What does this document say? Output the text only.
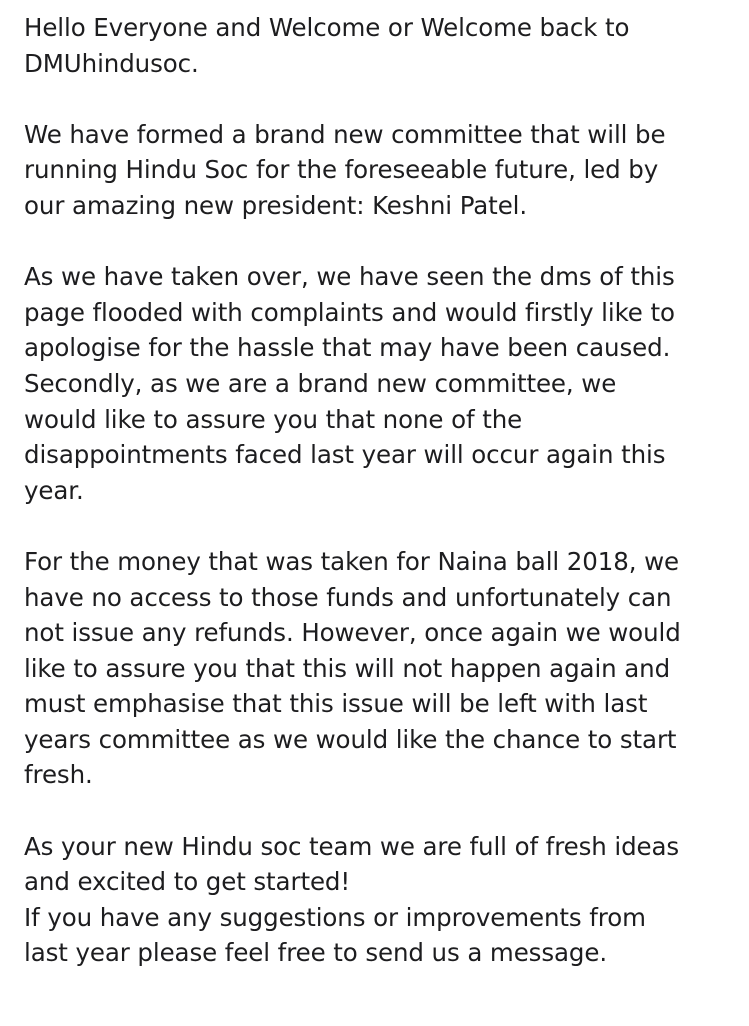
Hello Everyone and Welcome or Welcome back to
DMUhindusoc.

We have formed a brand new committee that will be
running Hindu Soc for the foreseeable future, led by
our amazing new president: Keshni Patel.

As we have taken over, we have seen the dms of this
page flooded with complaints and would firstly like to
apologise for the hassle that may have been caused.
Secondly, as we are a brand new committee, we
would like to assure you that none of the
disappointments faced last year will occur again this
year.

For the money that was taken for Naina ball 2018, we
have no access to those funds and unfortunately can
not issue any refunds. However, once again we would
like to assure you that this will not happen again and
must emphasise that this issue will be left with last
years committee as we would like the chance to start
fresh.

As your new Hindu soc team we are full of fresh ideas
and excited to get started!
If you have any suggestions or improvements from
last year please feel free to send us a message.
